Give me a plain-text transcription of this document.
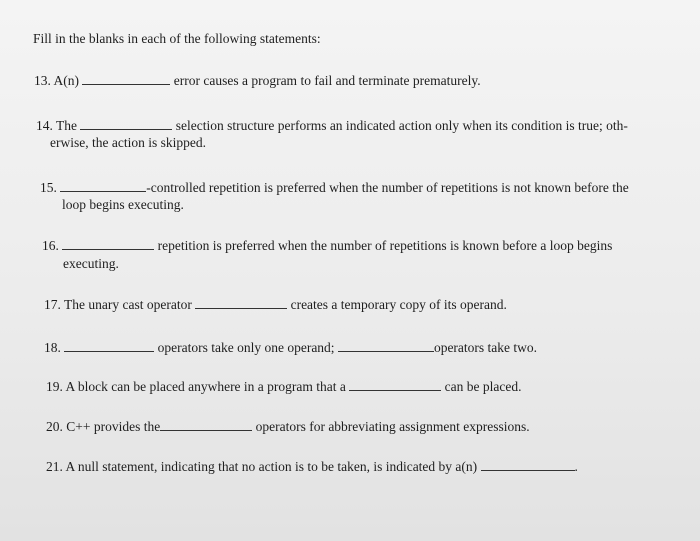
Fill in the blanks in each of the following statements:
13. A(n)	error causes a program to fail and terminate prematurely.
14. The	selection structure performs an indicated action only when its condition is true; oth-
erwise, the action is skipped.
15.	-controlled repetition is preferred when the number of repetitions is not known before the
loop begins executing.
16.	repetition is preferred when the number of repetitions is known before a loop begins
executing.
17. The unary cast operator	creates a temporary copy of its operand.
18.	operators take only one operand;	operators take two.
19. A block can be placed anywhere in a program that a	can be placed.
20. C++ provides the	operators for abbreviating assignment expressions.
21. A null statement, indicating that no action is to be taken, is indicated by a(n)	.
